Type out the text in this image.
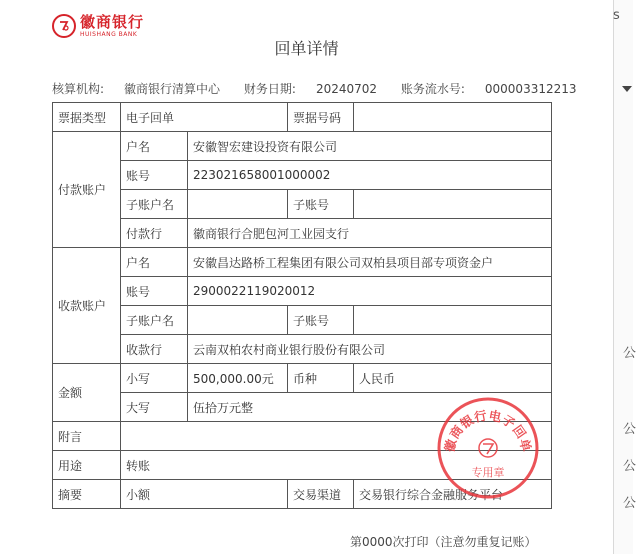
徽商银行
HUISHANG BANK
回单详情
核算机构: 徽商银行清算中心 财务日期: 20240702 账务流水号: 000003312213
票据类型	电子回单		票据号码	
付款账户	户名	安徽智宏建设投资有限公司		
	账号	223021658001000002		
	子账户名		子账号	
	付款行	徽商银行合肥包河工业园支行		
收款账户	户名	安徽昌达路桥工程集团有限公司双柏县项目部专项资金户		
	账号	2900022119020012		
	子账户名		子账号	
	收款行	云南双柏农村商业银行股份有限公司		
金额	小写	500,000.00元	币种	人民币
	大写	伍拾万元整		
附言				
用途	转账			
摘要	小额		交易渠道	交易银行综合金融服务平台
徽商银行电子回单
专用章
第0000次打印（注意勿重复记账）
s
公
公
公
公
